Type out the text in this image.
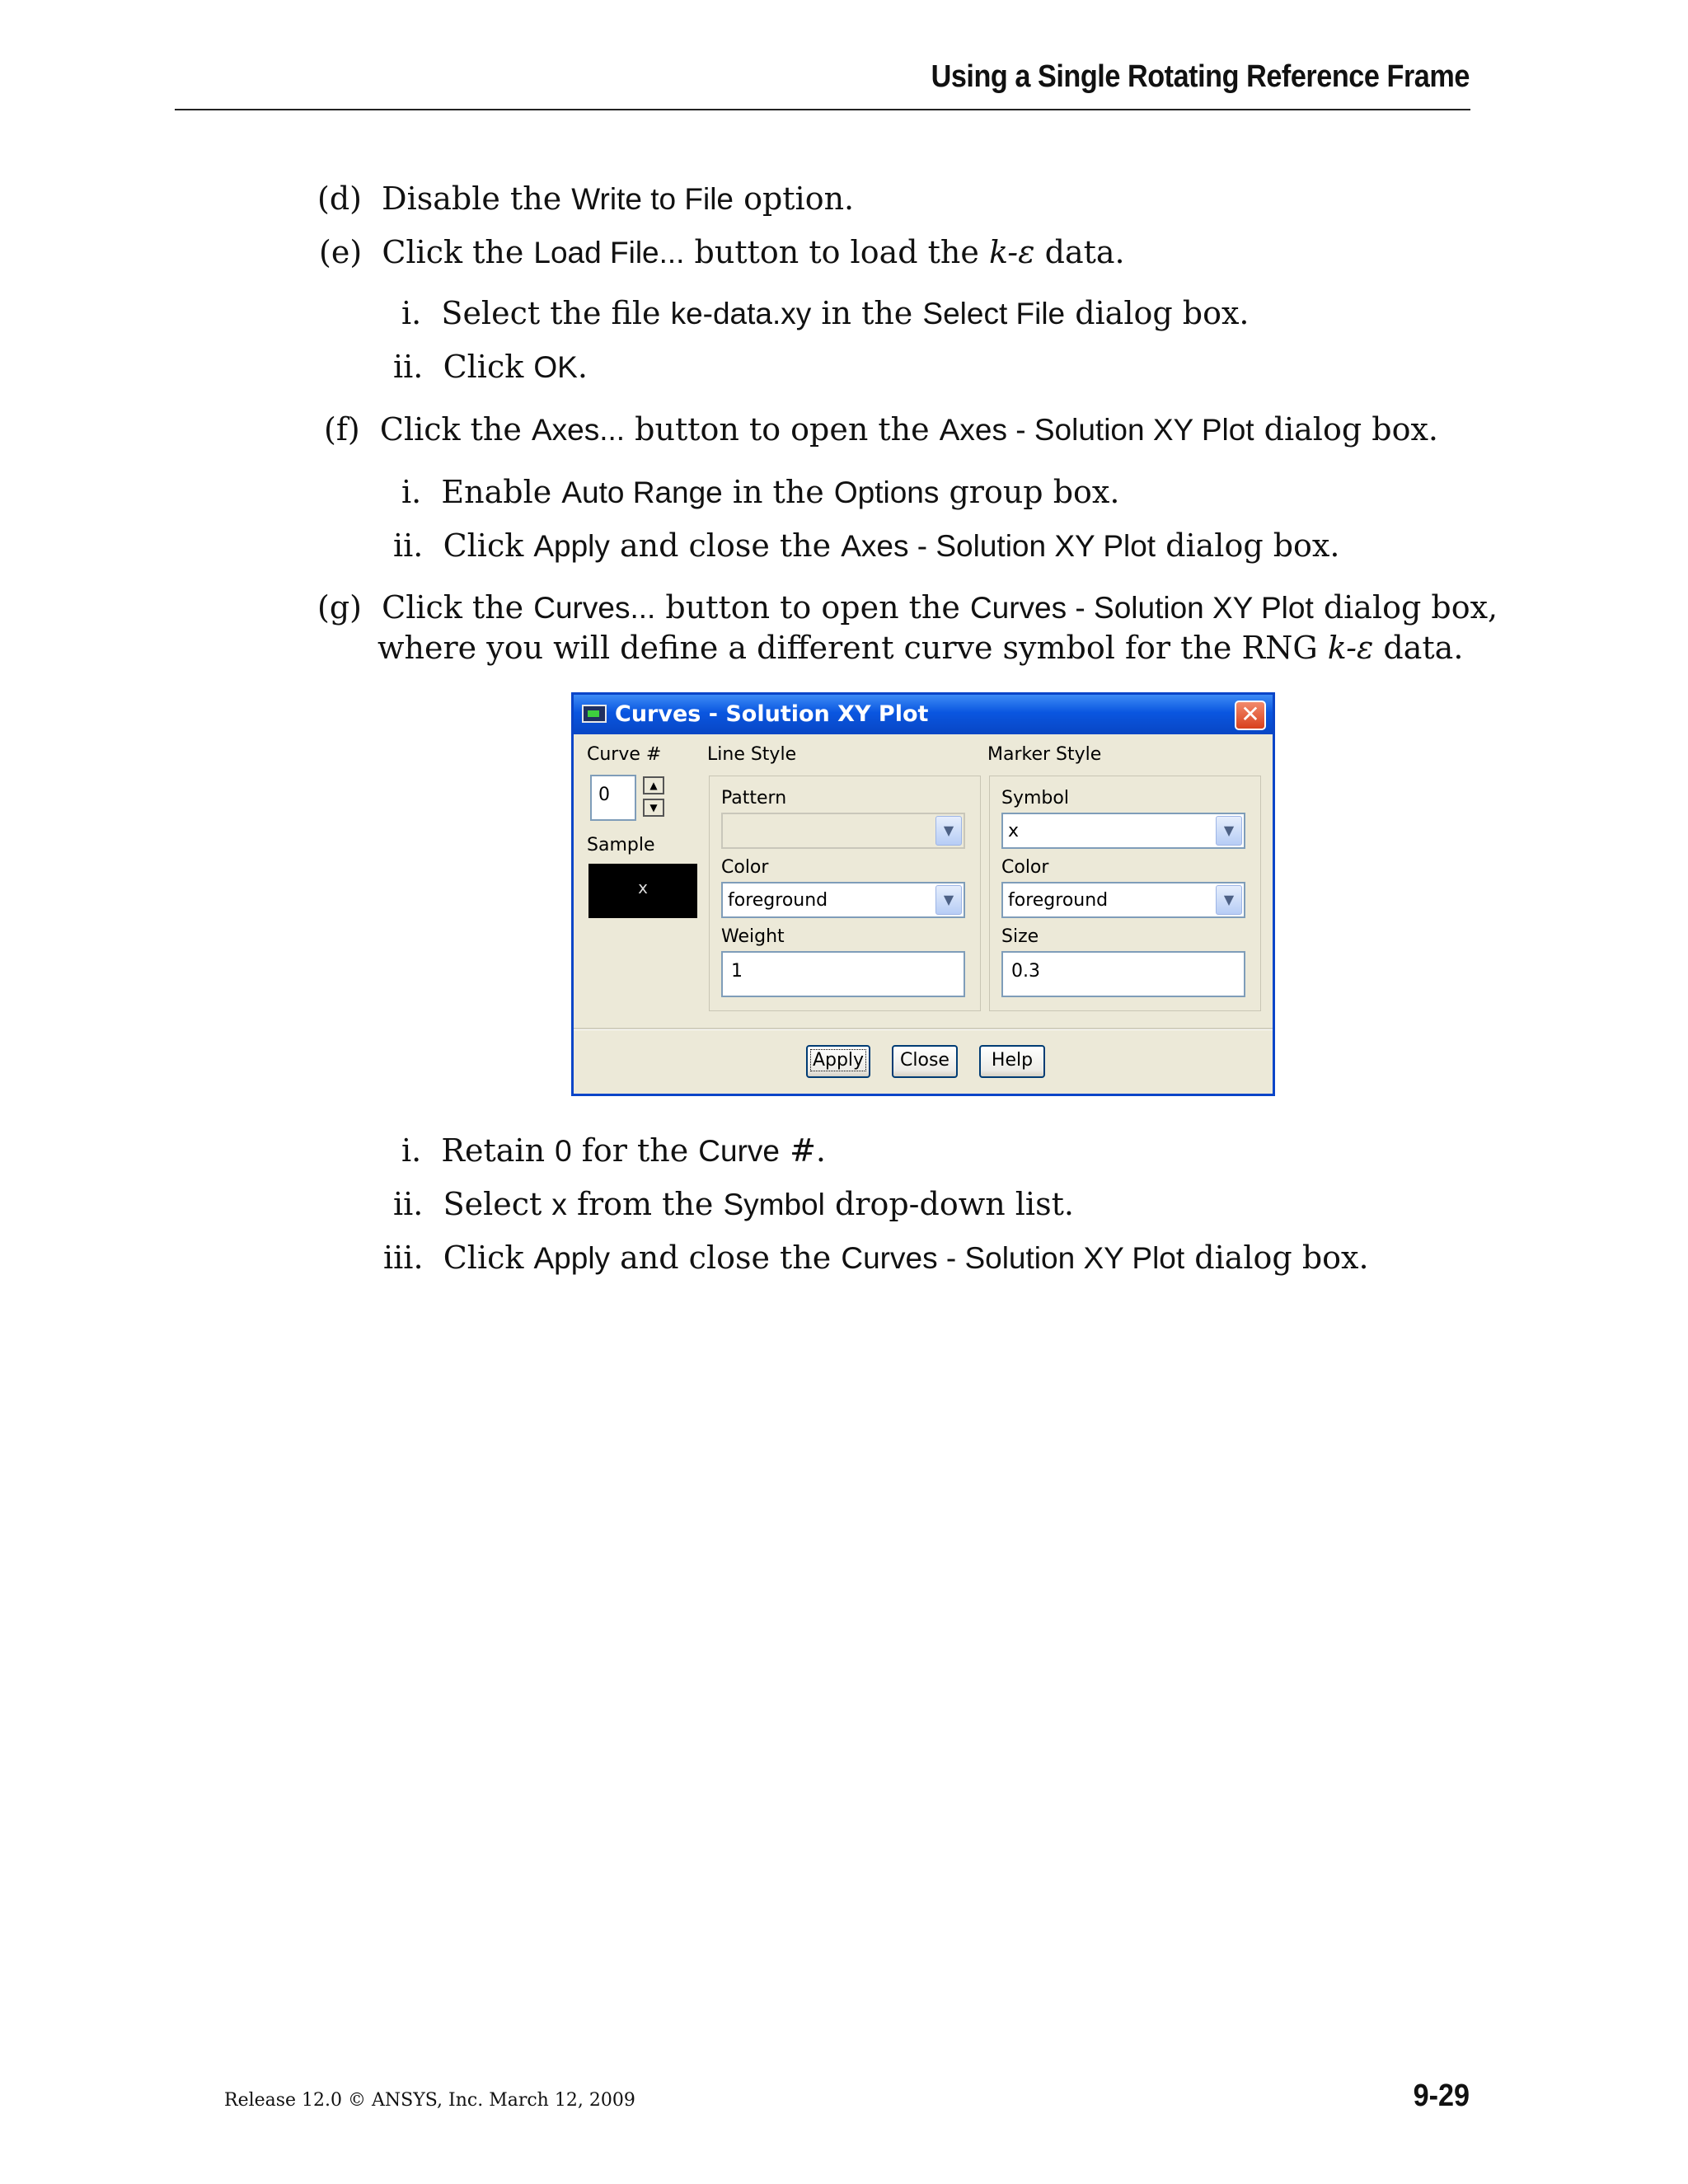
Using a Single Rotating Reference Frame
(d) Disable the Write to File option.
(e) Click the Load File... button to load the k-ε data.
i. Select the file ke-data.xy in the Select File dialog box.
ii. Click OK.
(f) Click the Axes... button to open the Axes - Solution XY Plot dialog box.
i. Enable Auto Range in the Options group box.
ii. Click Apply and close the Axes - Solution XY Plot dialog box.
(g) Click the Curves... button to open the Curves - Solution XY Plot dialog box,
where you will define a different curve symbol for the RNG k-ε data.
Curves - Solution XY Plot	✕
Curve #
0	▲
▼
Sample
x
Line Style
Pattern
▼
Color
foreground	▼
Weight
1
Marker Style
Symbol
x	▼
Color
foreground	▼
Size
0.3
Apply	Close	Help
i. Retain 0 for the Curve #.
ii. Select x from the Symbol drop-down list.
iii. Click Apply and close the Curves - Solution XY Plot dialog box.
Release 12.0 © ANSYS, Inc. March 12, 2009	9-29
